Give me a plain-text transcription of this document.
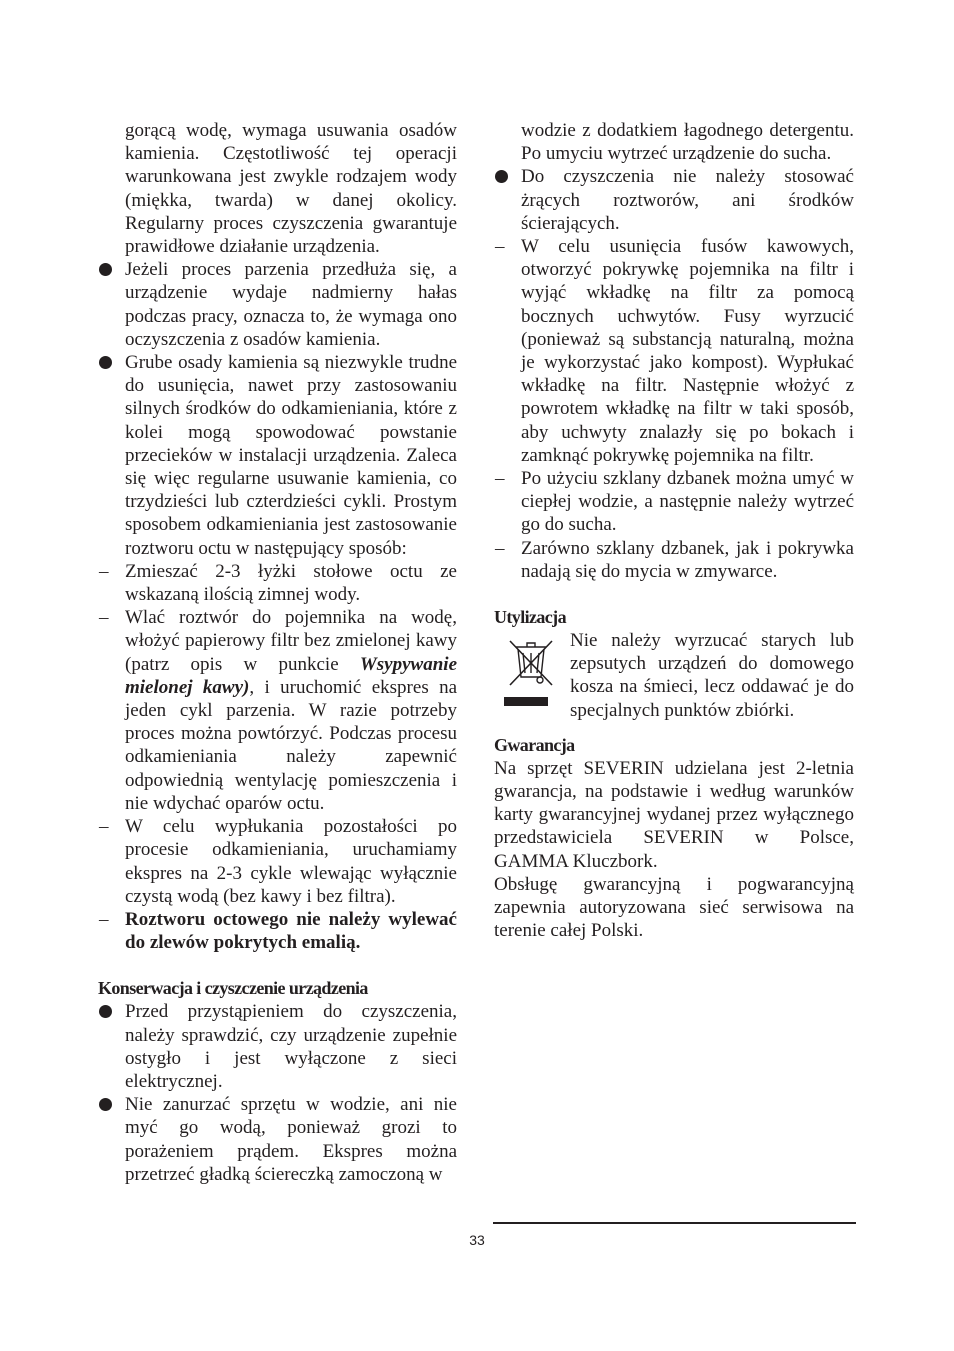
gorącą wodę, wymaga usuwania osadów kamienia. Częstotliwość tej operacji warunkowana jest zwykle rodzajem wody (miękka, twarda) w danej okolicy. Regularny proces czyszczenia gwarantuje prawidłowe działanie urządzenia.

Jeżeli proces parzenia przedłuża się, a urządzenie wydaje nadmierny hałas podczas pracy, oznacza to, że wymaga ono oczyszczenia z osadów kamienia.
Grube osady kamienia są niezwykle trudne do usunięcia, nawet przy zastosowaniu silnych środków do odkamieniania, które z kolei mogą spowodować powstanie przecieków w instalacji urządzenia. Zaleca się więc regularne usuwanie kamienia, co trzydzieści lub czterdzieści cykli. Prostym sposobem odkamieniania jest zastosowanie roztworu octu w następujący sposób:
– Zmieszać 2-3 łyżki stołowe octu ze wskazaną ilością zimnej wody.
– Wlać roztwór do pojemnika na wodę, włożyć papierowy filtr bez zmielonej kawy (patrz opis w punkcie Wsypywanie mielonej kawy), i uruchomić ekspres na jeden cykl parzenia. W razie potrzeby proces można powtórzyć. Podczas procesu odkamieniania należy zapewnić odpowiednią wentylację pomieszczenia i nie wdychać oparów octu.
– W celu wypłukania pozostałości po procesie odkamieniania, uruchamiamy ekspres na 2-3 cykle wlewając wyłącznie czystą wodą (bez kawy i bez filtra).
– Roztworu octowego nie należy wylewać do zlewów pokrytych emalią.
Konserwacja i czyszczenie urządzenia
Przed przystąpieniem do czyszczenia, należy sprawdzić, czy urządzenie zupełnie ostygło i jest wyłączone z sieci elektrycznej.
Nie zanurzać sprzętu w wodzie, ani nie myć go wodą, ponieważ grozi to porażeniem prądem. Ekspres można przetrzeć gładką ściereczką zamoczoną w

wodzie z dodatkiem łagodnego detergentu. Po umyciu wytrzeć urządzenie do sucha.

Do czyszczenia nie należy stosować żrących roztworów, ani środków ścierających.
– W celu usunięcia fusów kawowych, otworzyć pokrywkę pojemnika na filtr i wyjąć wkładkę na filtr za pomocą bocznych uchwytów. Fusy wyrzucić (ponieważ są substancją naturalną, można je wykorzystać jako kompost). Wypłukać wkładkę na filtr. Następnie włożyć z powrotem wkładkę na filtr w taki sposób, aby uchwyty znalazły się po bokach i zamknąć pokrywkę pojemnika na filtr.
– Po użyciu szklany dzbanek można umyć w ciepłej wodzie, a następnie należy wytrzeć go do sucha.
– Zarówno szklany dzbanek, jak i pokrywka nadają się do mycia w zmywarce.
Utylizacja

Nie należy wyrzucać starych lub zepsutych urządzeń do domowego kosza na śmieci, lecz oddawać je do specjalnych punktów zbiórki.

Gwarancja

Na sprzęt SEVERIN udzielana jest 2-letnia gwarancja, na podstawie i według warunków karty gwarancyjnej wydanej przez wyłącznego przedstawiciela SEVERIN w Polsce, GAMMA Kluczbork.

Obsługę gwarancyjną i pogwarancyjną zapewnia autoryzowana sieć serwisowa na terenie całej Polski.

33
